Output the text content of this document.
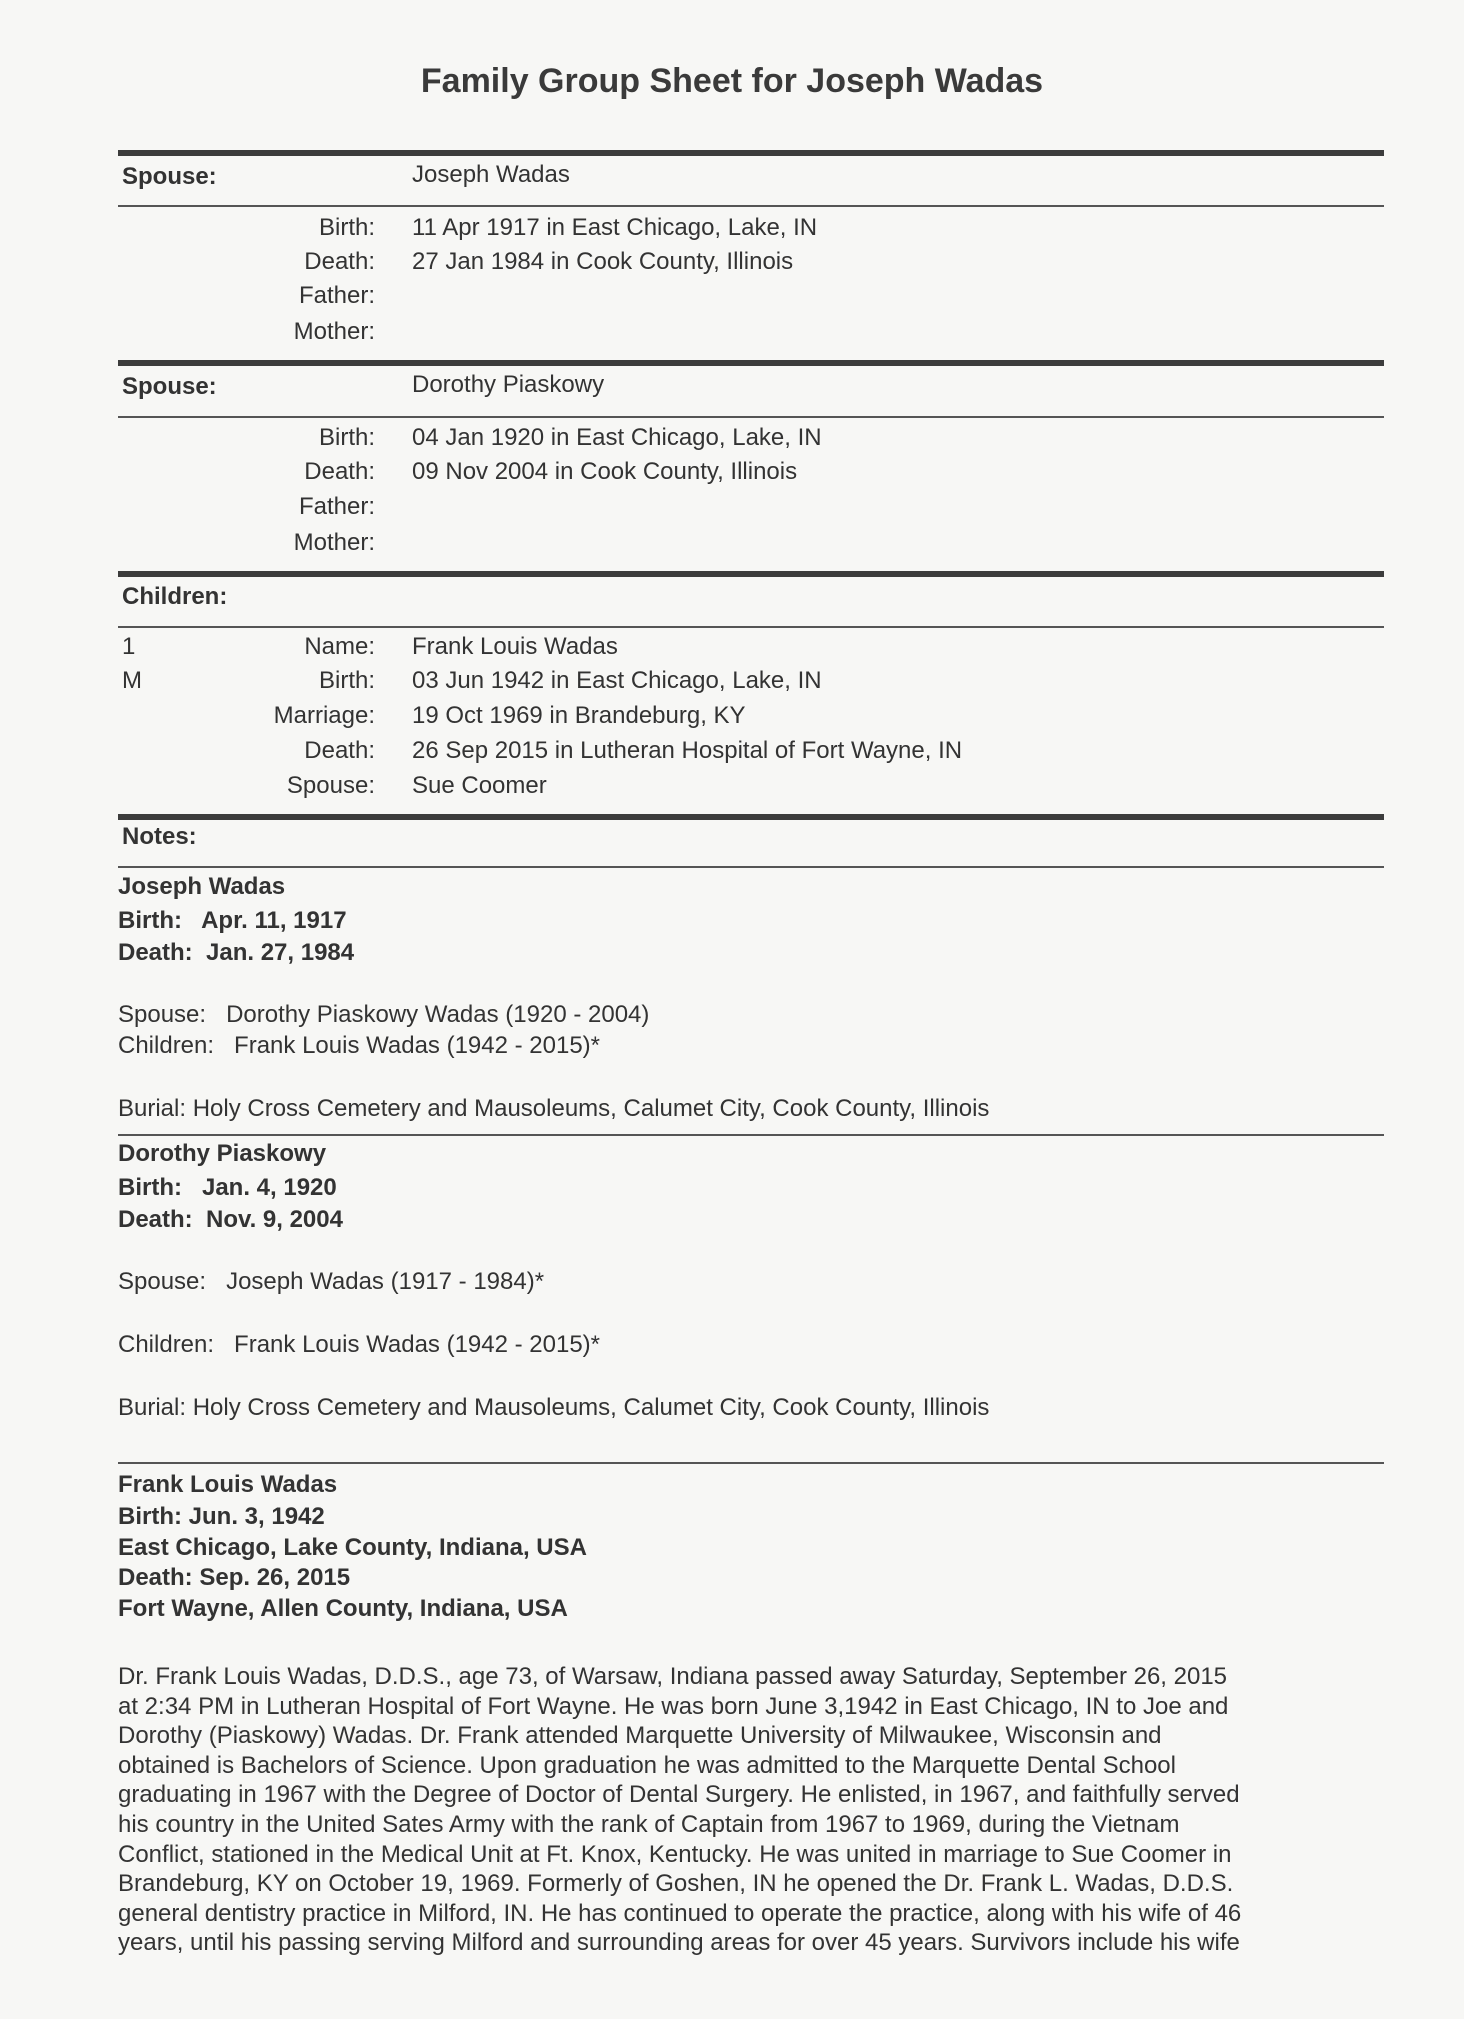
Family Group Sheet for Joseph Wadas
Spouse:	Joseph Wadas
Birth: 11 Apr 1917 in East Chicago, Lake, IN
Death: 27 Jan 1984 in Cook County, Illinois
Father:
Mother:
Spouse:	Dorothy Piaskowy
Birth: 04 Jan 1920 in East Chicago, Lake, IN
Death: 09 Nov 2004 in Cook County, Illinois
Father:
Mother:
Children:
1
M
Name: Frank Louis Wadas
Birth: 03 Jun 1942 in East Chicago, Lake, IN
Marriage: 19 Oct 1969 in Brandeburg, KY
Death: 26 Sep 2015 in Lutheran Hospital of Fort Wayne, IN
Spouse: Sue Coomer
Notes:
Joseph Wadas
Birth:   Apr. 11, 1917
Death:  Jan. 27, 1984
Spouse:   Dorothy Piaskowy Wadas (1920 - 2004)
Children:   Frank Louis Wadas (1942 - 2015)*
Burial: Holy Cross Cemetery and Mausoleums, Calumet City, Cook County, Illinois
Dorothy Piaskowy
Birth:   Jan. 4, 1920
Death:  Nov. 9, 2004
Spouse:   Joseph Wadas (1917 - 1984)*
Children:   Frank Louis Wadas (1942 - 2015)*
Burial: Holy Cross Cemetery and Mausoleums, Calumet City, Cook County, Illinois
Frank Louis Wadas
Birth: Jun. 3, 1942
East Chicago, Lake County, Indiana, USA
Death: Sep. 26, 2015
Fort Wayne, Allen County, Indiana, USA
Dr. Frank Louis Wadas, D.D.S., age 73, of Warsaw, Indiana passed away Saturday, September 26, 2015
at 2:34 PM in Lutheran Hospital of Fort Wayne. He was born June 3,1942 in East Chicago, IN to Joe and
Dorothy (Piaskowy) Wadas. Dr. Frank attended Marquette University of Milwaukee, Wisconsin and
obtained is Bachelors of Science. Upon graduation he was admitted to the Marquette Dental School
graduating in 1967 with the Degree of Doctor of Dental Surgery. He enlisted, in 1967, and faithfully served
his country in the United Sates Army with the rank of Captain from 1967 to 1969, during the Vietnam
Conflict, stationed in the Medical Unit at Ft. Knox, Kentucky. He was united in marriage to Sue Coomer in
Brandeburg, KY on October 19, 1969. Formerly of Goshen, IN he opened the Dr. Frank L. Wadas, D.D.S.
general dentistry practice in Milford, IN. He has continued to operate the practice, along with his wife of 46
years, until his passing serving Milford and surrounding areas for over 45 years. Survivors include his wife
